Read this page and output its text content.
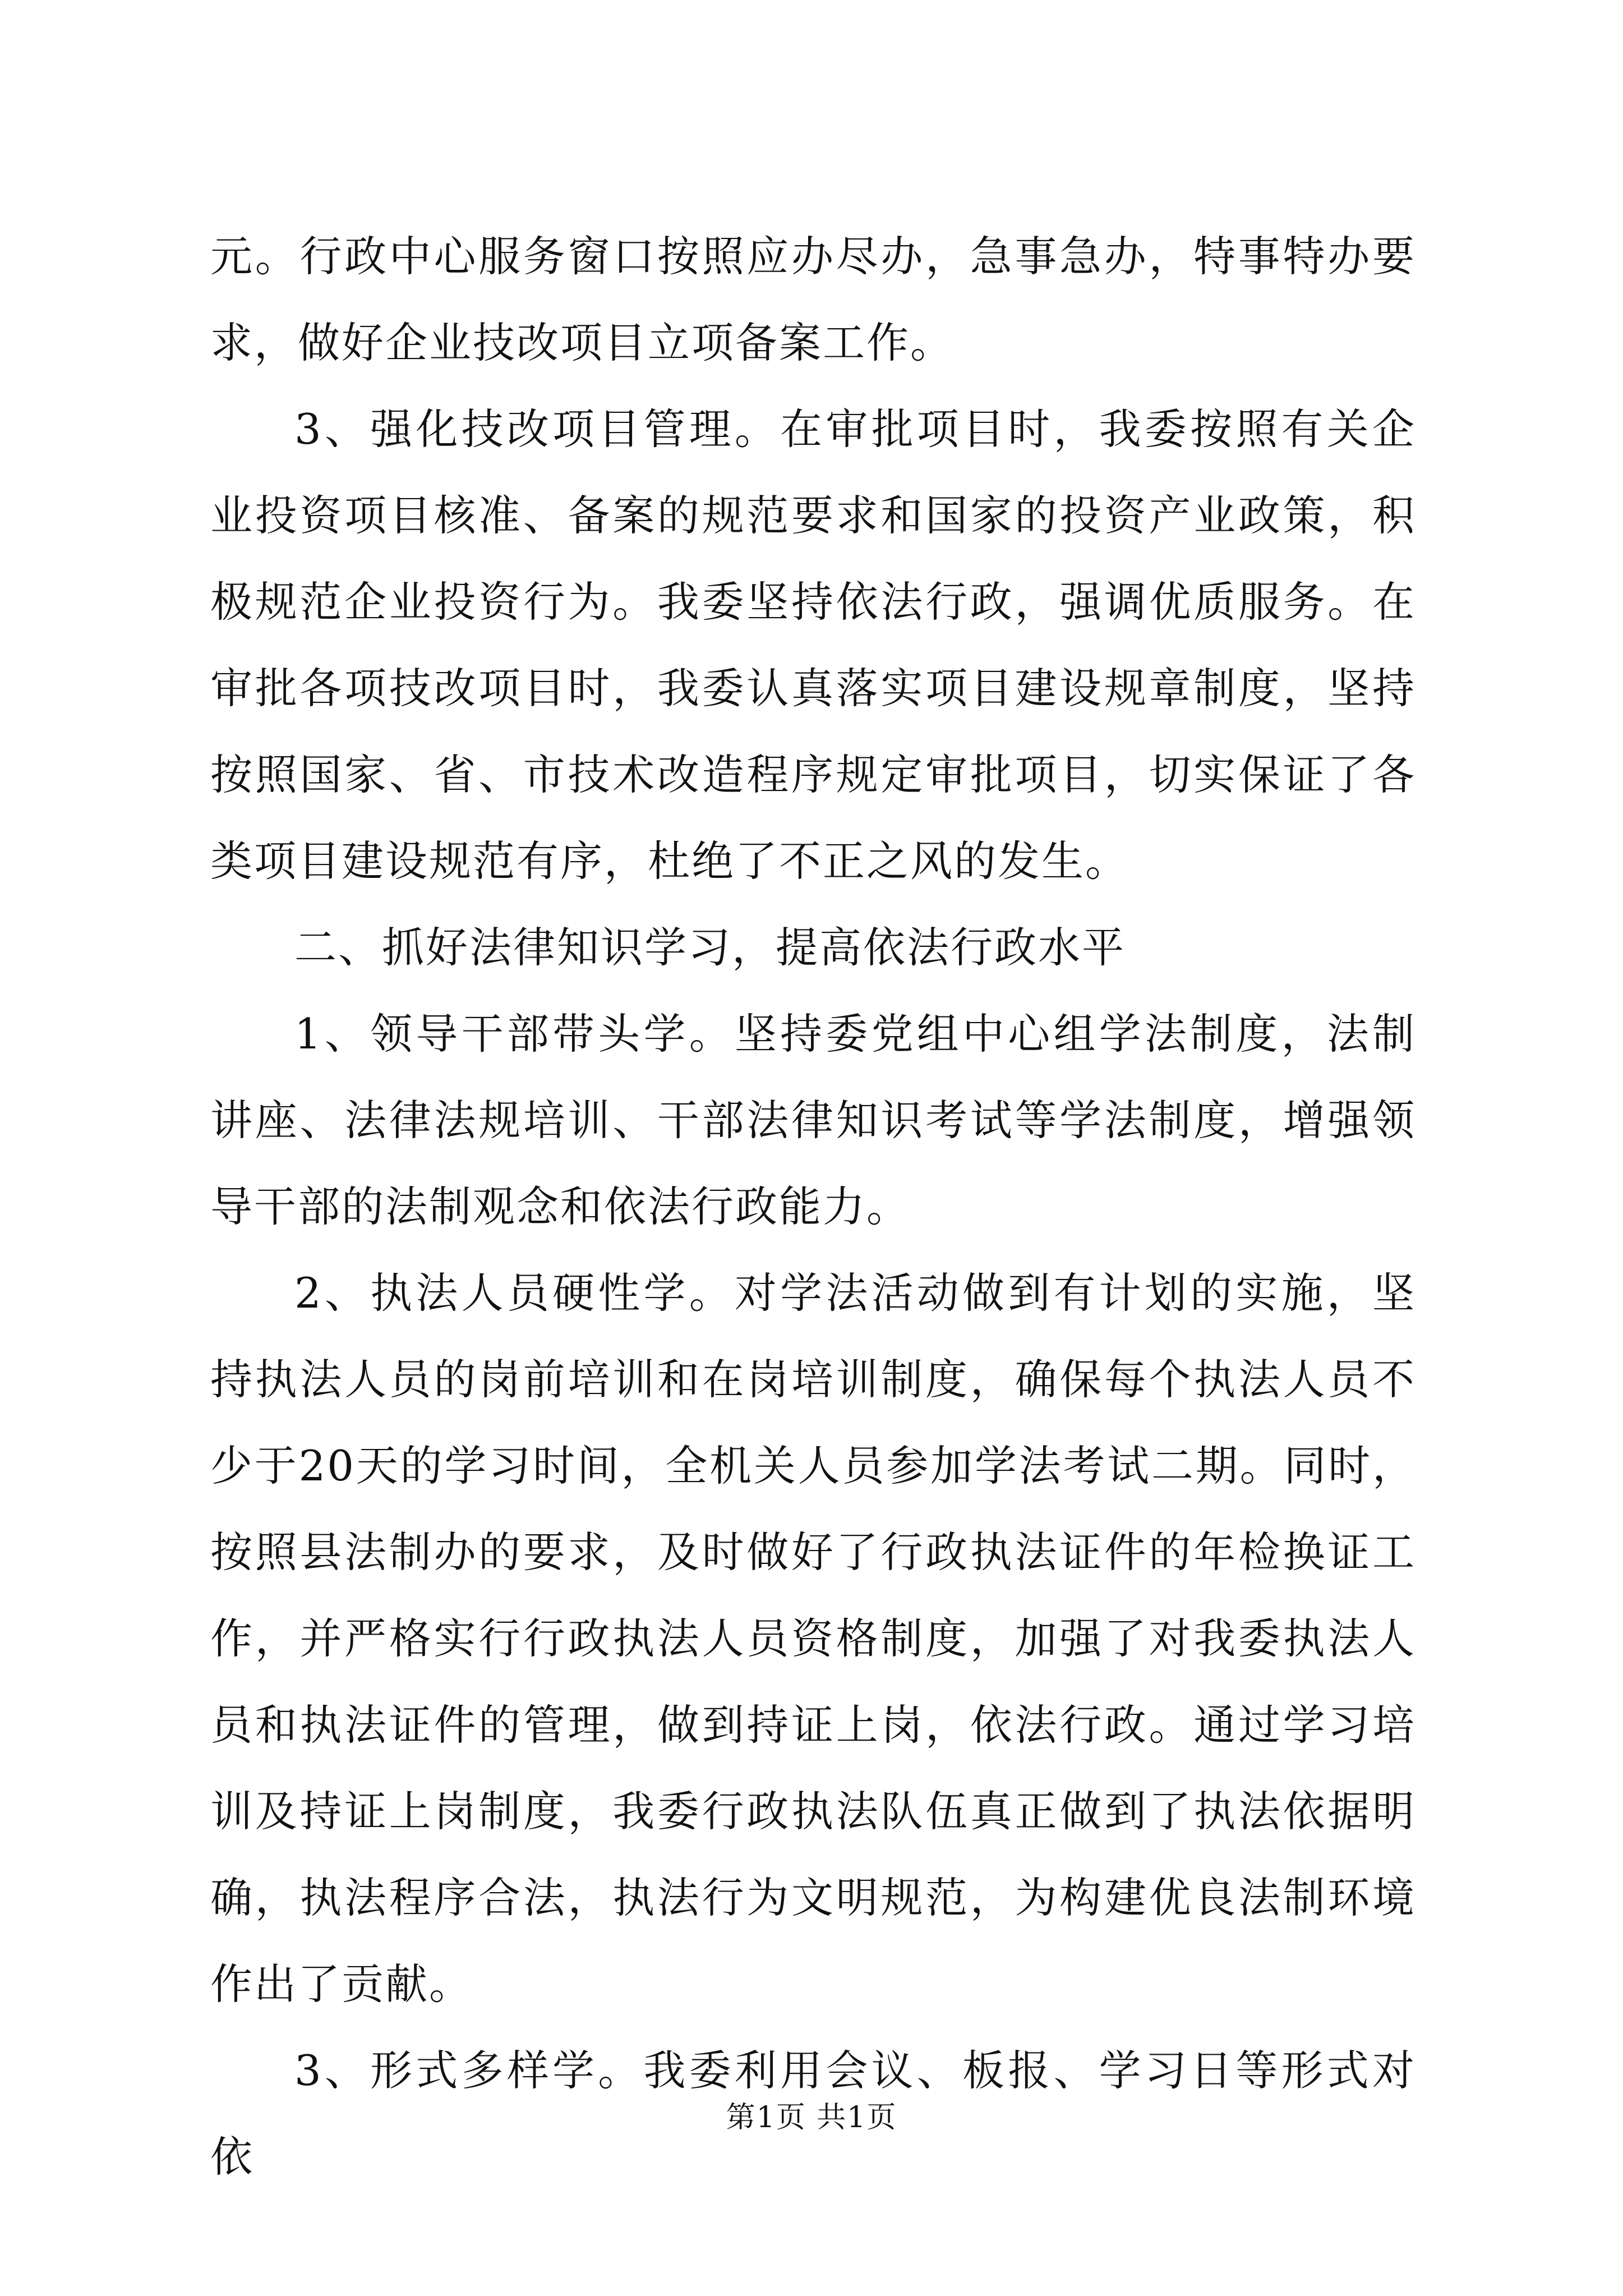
元。行政中心服务窗口按照应办尽办，急事急办，特事特办要求，做好企业技改项目立项备案工作。

3、强化技改项目管理。在审批项目时，我委按照有关企业投资项目核准、备案的规范要求和国家的投资产业政策，积极规范企业投资行为。我委坚持依法行政，强调优质服务。在审批各项技改项目时，我委认真落实项目建设规章制度，坚持按照国家、省、市技术改造程序规定审批项目，切实保证了各类项目建设规范有序，杜绝了不正之风的发生。

二、抓好法律知识学习，提高依法行政水平

1、领导干部带头学。坚持委党组中心组学法制度，法制讲座、法律法规培训、干部法律知识考试等学法制度，增强领导干部的法制观念和依法行政能力。

2、执法人员硬性学。对学法活动做到有计划的实施，坚持执法人员的岗前培训和在岗培训制度，确保每个执法人员不少于20天的学习时间，全机关人员参加学法考试二期。同时，按照县法制办的要求，及时做好了行政执法证件的年检换证工作，并严格实行行政执法人员资格制度，加强了对我委执法人员和执法证件的管理，做到持证上岗，依法行政。通过学习培训及持证上岗制度，我委行政执法队伍真正做到了执法依据明确，执法程序合法，执法行为文明规范，为构建优良法制环境作出了贡献。

3、形式多样学。我委利用会议、板报、学习日等形式对依

第1页 共1页
